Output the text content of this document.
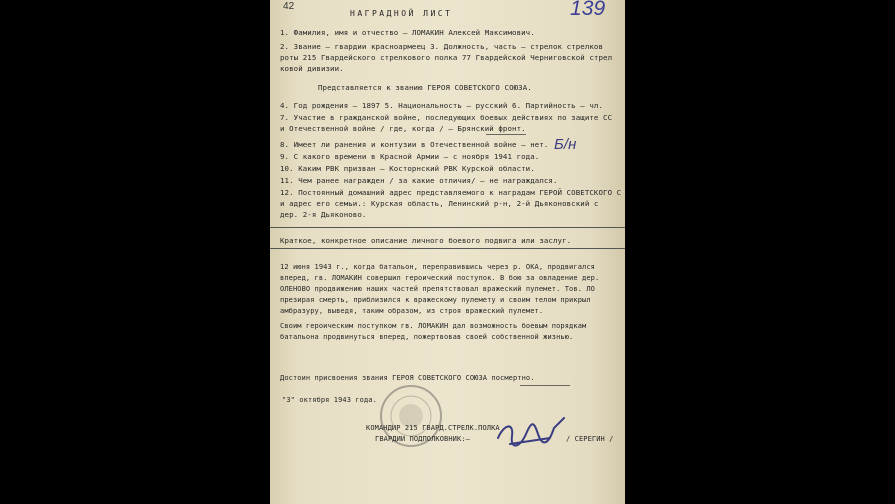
42	139
НАГРАДНОЙ ЛИСТ
1. Фамилия, имя и отчество – ЛОМАКИН Алексей Максимович.
2. Звание – гвардии красноармеец 3. Должность, часть – стрелок стрелков
роты 215 Гвардейского стрелкового полка 77 Гвардейской Черниговской стрел
ковой дивизии.
Представляется к званию ГЕРОЯ СОВЕТСКОГО СОЮЗА.
4. Год рождения – 1897 5. Национальность – русский 6. Партийность – чл.
7. Участие в гражданской войне, последующих боевых действиях по защите СС
и Отечественной войне / где, когда / – Брянский фронт.
Б/н
8. Имеет ли ранения и контузии в Отечественной войне – нет.
9. С какого времени в Красной Армии – с ноября 1941 года.
10. Каким РВК призван – Косторнский РВК Курской области.
11. Чем ранее награжден / за какие отличия/ – не награждался.
12. Постоянный домашний адрес представляемого к наградам ГЕРОЙ СОВЕТСКОГО С
и адрес его семьи.: Курская область, Ленинский р-н, 2-й Дьяконовский с
дер. 2-я Дьяконово.
Краткое, конкретное описание личного боевого подвига или заслуг.
12 июня 1943 г., когда батальон, переправившись через р. ОКА, продвигался
вперед, гв. ЛОМАКИН совершил героический поступок. В бою за овладение дер.
ОЛЕНОВО продвижению наших частей препятствовал вражеский пулемет. Тов. ЛО
презирая смерть, приблизился к вражескому пулемету и своим телом прикрыл
амбразуру, выведя, таким образом, из строя вражеский пулемет.
Своим героическим поступком гв. ЛОМАКИН дал возможность боевым порядкам
батальона продвинуться вперед, пожертвовав своей собственной жизнью.
Достоин присвоения звания ГЕРОЯ СОВЕТСКОГО СОЮЗА посмертно.
"3" октября 1943 года.
КОМАНДИР 215 ГВАРД.СТРЕЛК.ПОЛКА
ГВАРДИИ ПОДПОЛКОВНИК:–	/ СЕРЕГИН /
